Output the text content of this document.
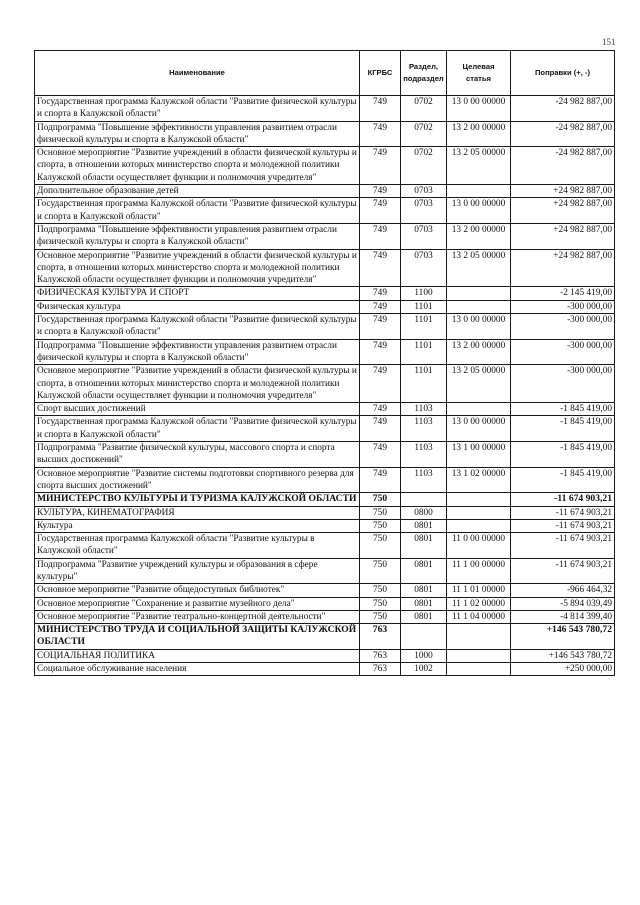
151
Наименование	КГРБС	Раздел, подраздел	Целевая статья	Поправки (+, -)
Государственная программа Калужской области "Развитие физической культуры и спорта в Калужской области"	749	0702	13 0 00 00000	-24 982 887,00
Подпрограмма "Повышение эффективности управления развитием отрасли физической культуры и спорта в Калужской области"	749	0702	13 2 00 00000	-24 982 887,00
Основное мероприятие "Развитие учреждений в области физической культуры и спорта, в отношении которых министерство спорта и молодежной политики Калужской области осуществляет функции и полномочия учредителя"	749	0702	13 2 05 00000	-24 982 887,00
Дополнительное образование детей	749	0703		+24 982 887,00
Государственная программа Калужской области "Развитие физической культуры и спорта в Калужской области"	749	0703	13 0 00 00000	+24 982 887,00
Подпрограмма "Повышение эффективности управления развитием отрасли физической культуры и спорта в Калужской области"	749	0703	13 2 00 00000	+24 982 887,00
Основное мероприятие "Развитие учреждений в области физической культуры и спорта, в отношении которых министерство спорта и молодежной политики Калужской области осуществляет функции и полномочия учредителя"	749	0703	13 2 05 00000	+24 982 887,00
ФИЗИЧЕСКАЯ КУЛЬТУРА И СПОРТ	749	1100		-2 145 419,00
Физическая культура	749	1101		-300 000,00
Государственная программа Калужской области "Развитие физической культуры и спорта в Калужской области"	749	1101	13 0 00 00000	-300 000,00
Подпрограмма "Повышение эффективности управления развитием отрасли физической культуры и спорта в Калужской области"	749	1101	13 2 00 00000	-300 000,00
Основное мероприятие "Развитие учреждений в области физической культуры и спорта, в отношении которых министерство спорта и молодежной политики Калужской области осуществляет функции и полномочия учредителя"	749	1101	13 2 05 00000	-300 000,00
Спорт высших достижений	749	1103		-1 845 419,00
Государственная программа Калужской области "Развитие физической культуры и спорта в Калужской области"	749	1103	13 0 00 00000	-1 845 419,00
Подпрограмма "Развитие физической культуры, массового спорта и спорта высших достижений"	749	1103	13 1 00 00000	-1 845 419,00
Основное мероприятие "Развитие системы подготовки спортивного резерва для спорта высших достижений"	749	1103	13 1 02 00000	-1 845 419,00
МИНИСТЕРСТВО КУЛЬТУРЫ И ТУРИЗМА КАЛУЖСКОЙ ОБЛАСТИ	750			-11 674 903,21
КУЛЬТУРА, КИНЕМАТОГРАФИЯ	750	0800		-11 674 903,21
Культура	750	0801		-11 674 903,21
Государственная программа Калужской области "Развитие культуры в Калужской области"	750	0801	11 0 00 00000	-11 674 903,21
Подпрограмма "Развитие учреждений культуры и образования в сфере культуры"	750	0801	11 1 00 00000	-11 674 903,21
Основное мероприятие "Развитие общедоступных библиотек"	750	0801	11 1 01 00000	-966 464,32
Основное мероприятие "Сохранение и развитие музейного дела"	750	0801	11 1 02 00000	-5 894 039,49
Основное мероприятие "Развитие театрально-концертной деятельности"	750	0801	11 1 04 00000	-4 814 399,40
МИНИСТЕРСТВО ТРУДА И СОЦИАЛЬНОЙ ЗАЩИТЫ КАЛУЖСКОЙ ОБЛАСТИ	763			+146 543 780,72
СОЦИАЛЬНАЯ ПОЛИТИКА	763	1000		+146 543 780,72
Социальное обслуживание населения	763	1002		+250 000,00
